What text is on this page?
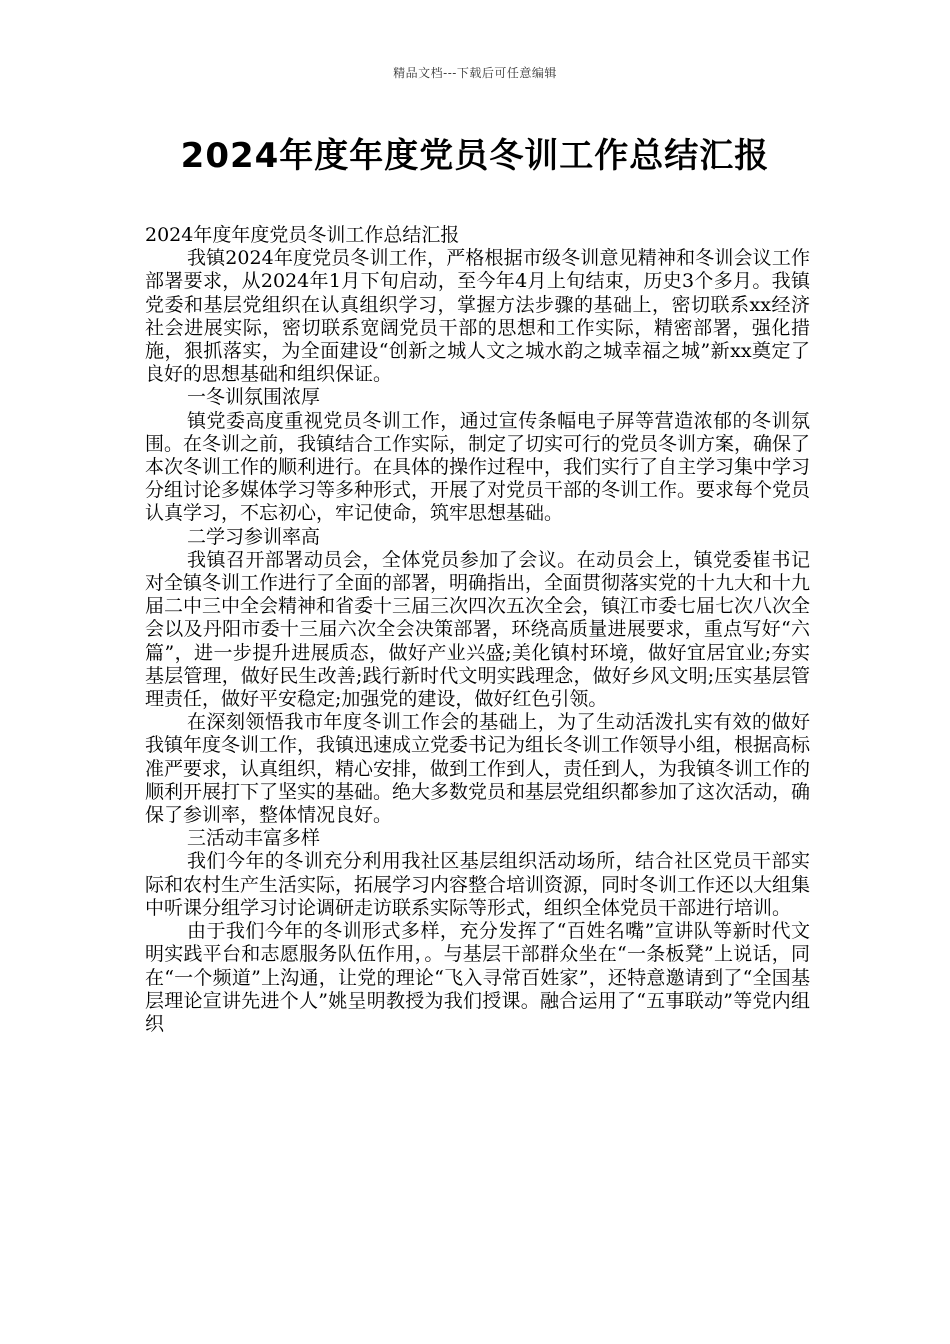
精品文档---下载后可任意编辑
2024年度年度党员冬训工作总结汇报

2024年度年度党员冬训工作总结汇报

我镇2024年度党员冬训工作，严格根据市级冬训意见精神和冬训会议工作部署要求，从2024年1月下旬启动，至今年4月上旬结束，历史3个多月。我镇党委和基层党组织在认真组织学习，掌握方法步骤的基础上，密切联系xx经济社会进展实际，密切联系宽阔党员干部的思想和工作实际，精密部署，强化措施，狠抓落实，为全面建设“创新之城人文之城水韵之城幸福之城”新xx奠定了良好的思想基础和组织保证。

一冬训氛围浓厚

镇党委高度重视党员冬训工作，通过宣传条幅电子屏等营造浓郁的冬训氛围。在冬训之前，我镇结合工作实际，制定了切实可行的党员冬训方案，确保了本次冬训工作的顺利进行。在具体的操作过程中，我们实行了自主学习集中学习分组讨论多媒体学习等多种形式，开展了对党员干部的冬训工作。要求每个党员认真学习，不忘初心，牢记使命，筑牢思想基础。

二学习参训率高

我镇召开部署动员会，全体党员参加了会议。在动员会上，镇党委崔书记对全镇冬训工作进行了全面的部署，明确指出，全面贯彻落实党的十九大和十九届二中三中全会精神和省委十三届三次四次五次全会，镇江市委七届七次八次全会以及丹阳市委十三届六次全会决策部署，环绕高质量进展要求，重点写好“六篇”，进一步提升进展质态，做好产业兴盛;美化镇村环境，做好宜居宜业;夯实基层管理，做好民生改善;践行新时代文明实践理念，做好乡风文明;压实基层管理责任，做好平安稳定;加强党的建设，做好红色引领。

在深刻领悟我市年度冬训工作会的基础上，为了生动活泼扎实有效的做好我镇年度冬训工作，我镇迅速成立党委书记为组长冬训工作领导小组，根据高标准严要求，认真组织，精心安排，做到工作到人，责任到人，为我镇冬训工作的顺利开展打下了坚实的基础。绝大多数党员和基层党组织都参加了这次活动，确保了参训率，整体情况良好。

三活动丰富多样

我们今年的冬训充分利用我社区基层组织活动场所，结合社区党员干部实际和农村生产生活实际，拓展学习内容整合培训资源，同时冬训工作还以大组集中听课分组学习讨论调研走访联系实际等形式，组织全体党员干部进行培训。

由于我们今年的冬训形式多样，充分发挥了“百姓名嘴”宣讲队等新时代文明实践平台和志愿服务队伍作用，。与基层干部群众坐在“一条板凳”上说话，同在“一个频道”上沟通，让党的理论“飞入寻常百姓家”，还特意邀请到了“全国基层理论宣讲先进个人”姚呈明教授为我们授课。融合运用了“五事联动”等党内组织
